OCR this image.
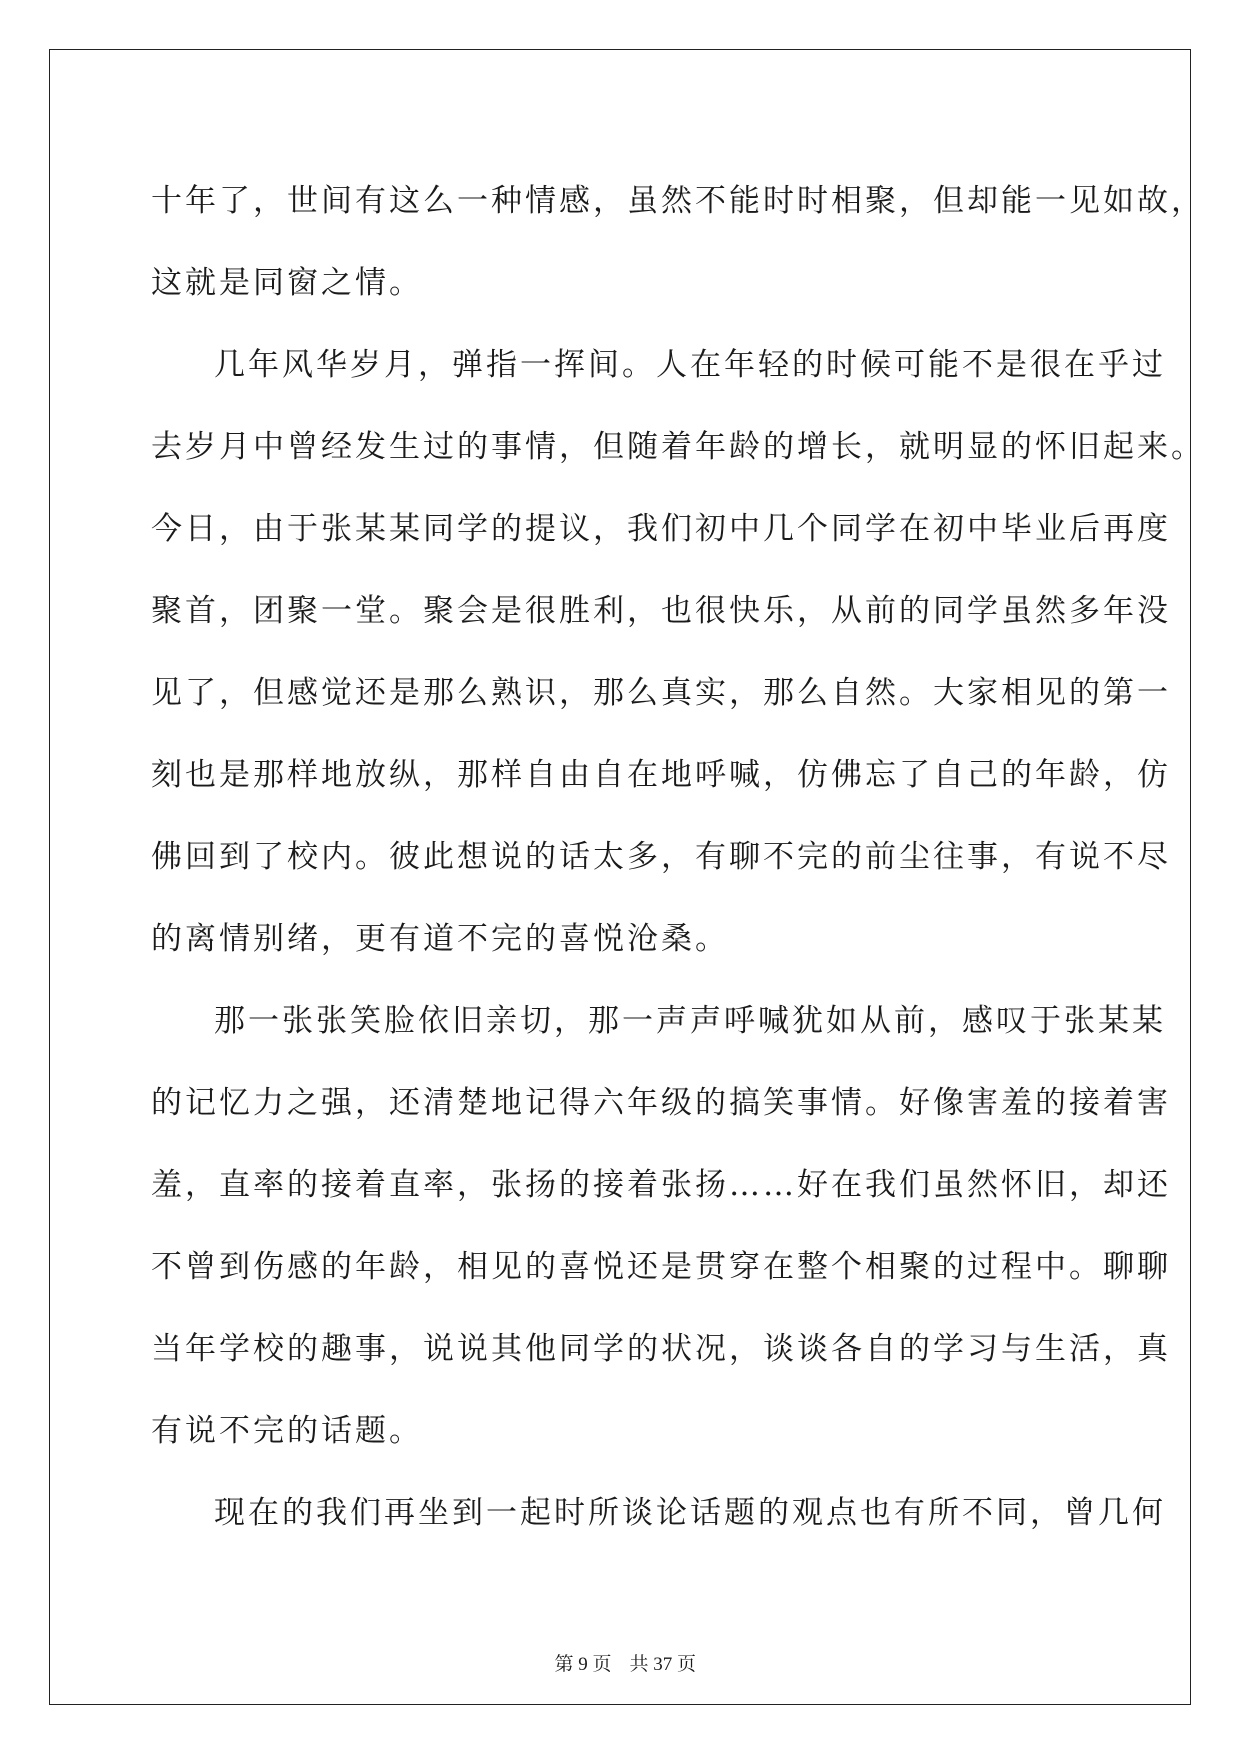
十年了，世间有这么一种情感，虽然不能时时相聚，但却能一见如故，
这就是同窗之情。
几年风华岁月，弹指一挥间。人在年轻的时候可能不是很在乎过
去岁月中曾经发生过的事情，但随着年龄的增长，就明显的怀旧起来。
今日，由于张某某同学的提议，我们初中几个同学在初中毕业后再度
聚首，团聚一堂。聚会是很胜利，也很快乐，从前的同学虽然多年没
见了，但感觉还是那么熟识，那么真实，那么自然。大家相见的第一
刻也是那样地放纵，那样自由自在地呼喊，仿佛忘了自己的年龄，仿
佛回到了校内。彼此想说的话太多，有聊不完的前尘往事，有说不尽
的离情别绪，更有道不完的喜悦沧桑。
那一张张笑脸依旧亲切，那一声声呼喊犹如从前，感叹于张某某
的记忆力之强，还清楚地记得六年级的搞笑事情。好像害羞的接着害
羞，直率的接着直率，张扬的接着张扬……好在我们虽然怀旧，却还
不曾到伤感的年龄，相见的喜悦还是贯穿在整个相聚的过程中。聊聊
当年学校的趣事，说说其他同学的状况，谈谈各自的学习与生活，真
有说不完的话题。
现在的我们再坐到一起时所谈论话题的观点也有所不同，曾几何

第 9 页 共 37 页
